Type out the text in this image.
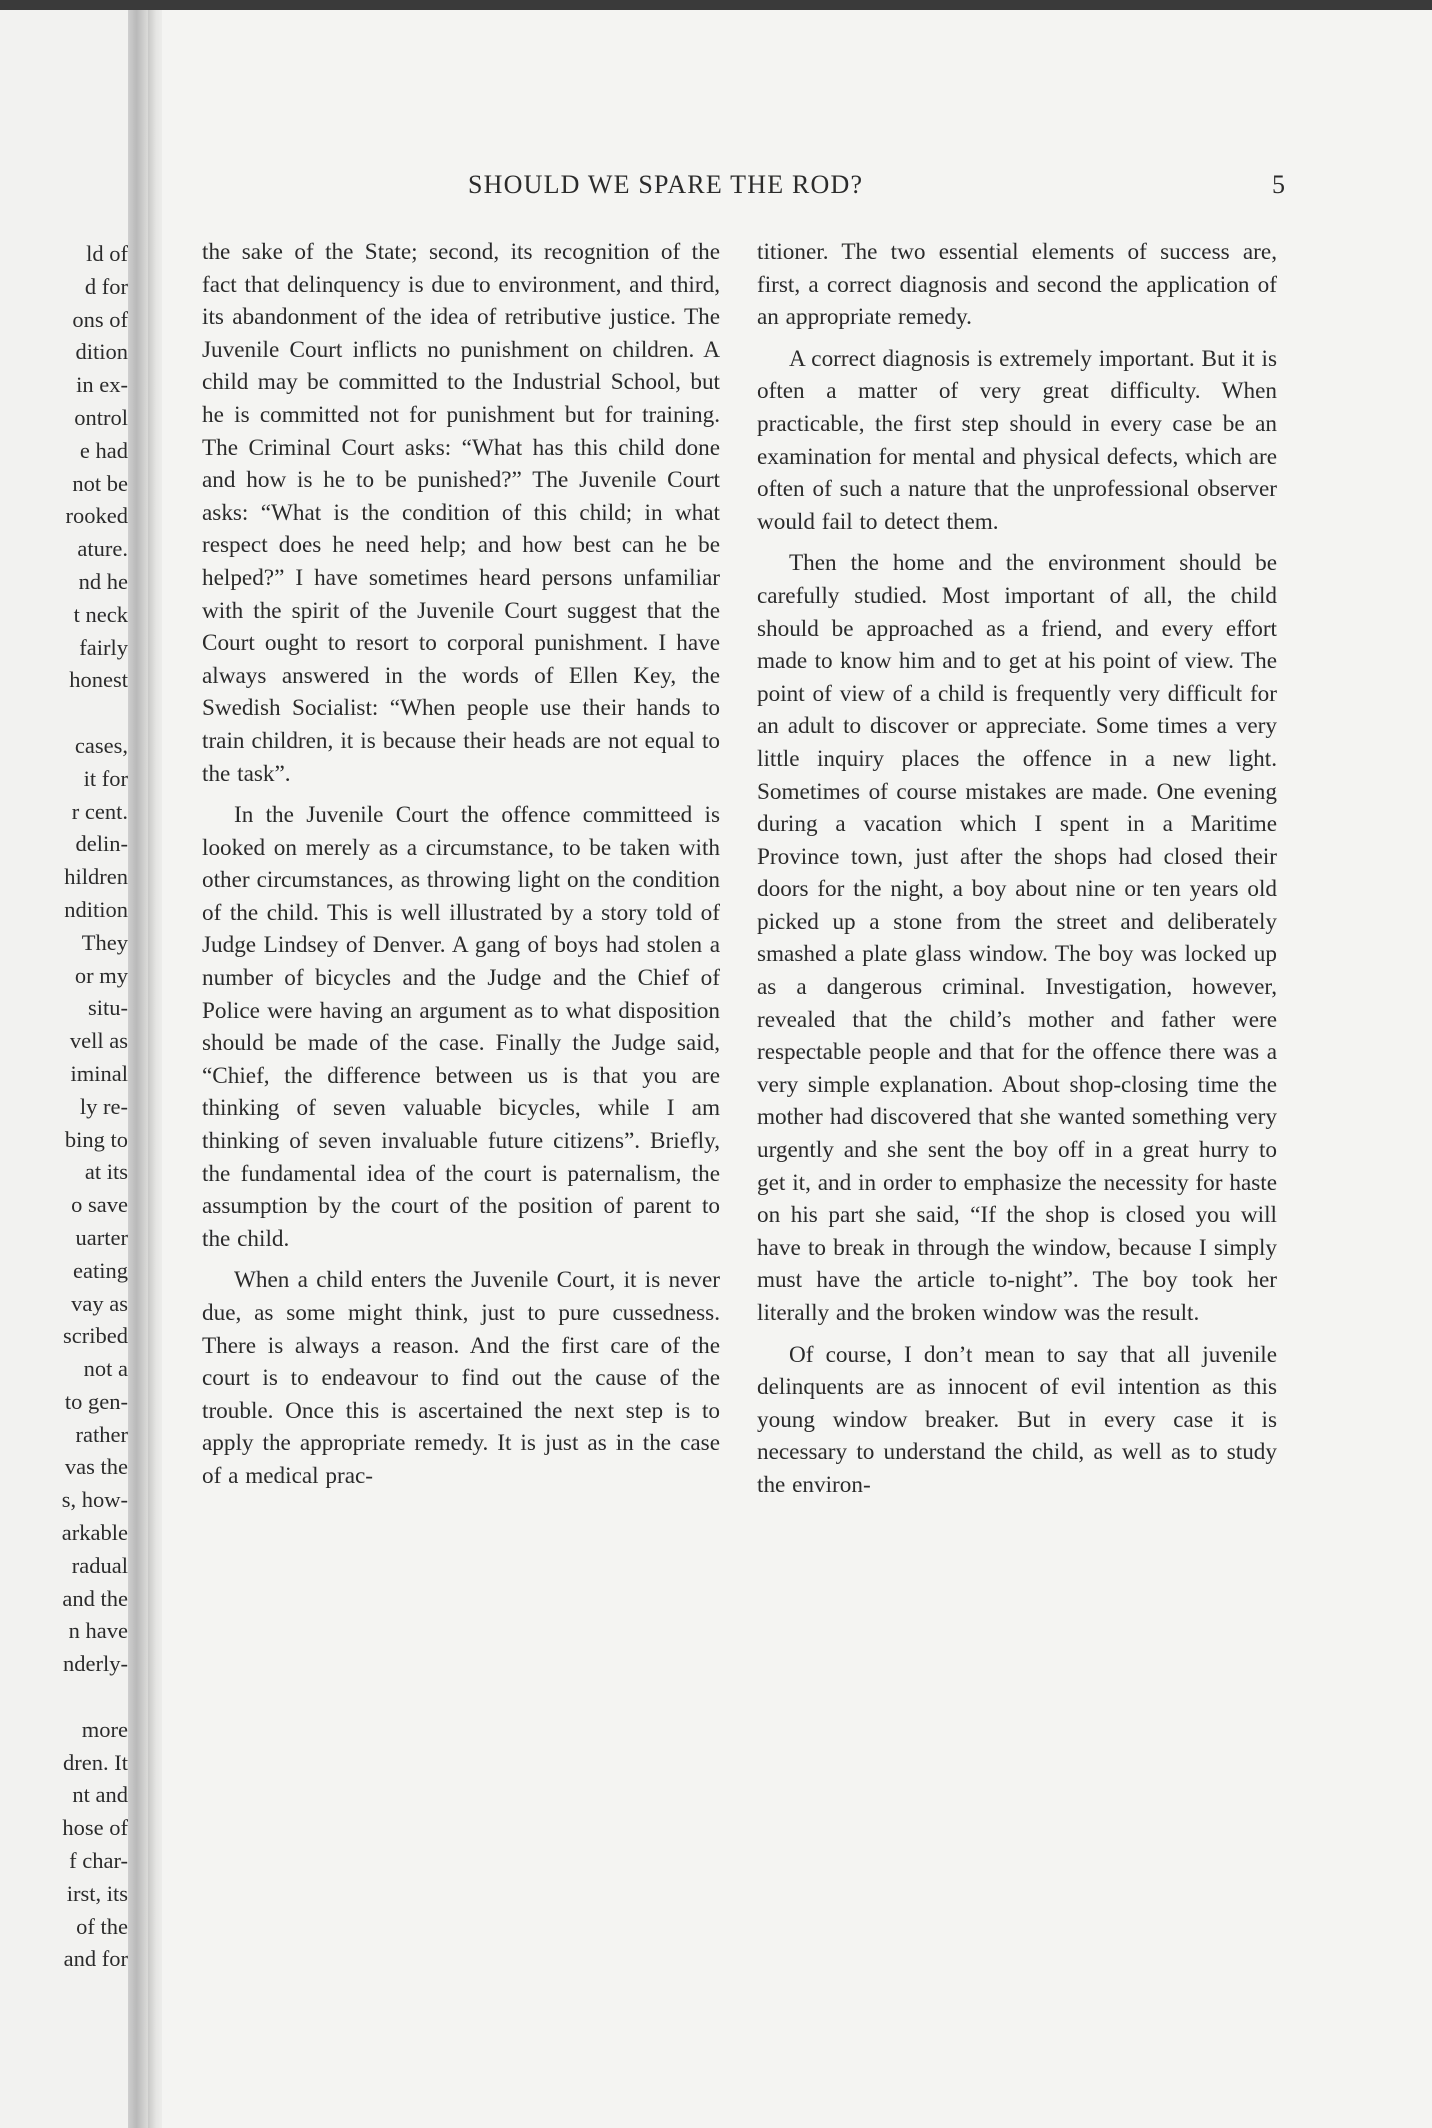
ld of
d for
ons of
dition
in ex-
ontrol
e had
not be
rooked
ature.
nd he
t neck
fairly
honest
cases,
it for
r cent.
delin-
hildren
ndition
They
or my
situ-
vell as
iminal
ly re-
bing to
at its
o save
uarter
eating
vay as
scribed
not a
to gen-
rather
vas the
s, how-
arkable
radual
and the
n have
nderly-
more
dren. It
nt and
hose of
f char-
irst, its
of the
and for
SHOULD WE SPARE THE ROD?	5

the sake of the State; second, its recognition of the fact that delinquency is due to environment, and third, its abandonment of the idea of retributive justice. The Juvenile Court inflicts no punishment on children. A child may be committed to the Industrial School, but he is committed not for punishment but for training. The Criminal Court asks: “What has this child done and how is he to be punished?” The Juvenile Court asks: “What is the condition of this child; in what respect does he need help; and how best can he be helped?” I have sometimes heard persons unfamiliar with the spirit of the Juvenile Court suggest that the Court ought to resort to corporal punishment. I have always answered in the words of Ellen Key, the Swedish Socialist: “When people use their hands to train children, it is because their heads are not equal to the task”.

In the Juvenile Court the offence committeed is looked on merely as a circumstance, to be taken with other circumstances, as throwing light on the condition of the child. This is well illustrated by a story told of Judge Lindsey of Denver. A gang of boys had stolen a number of bicycles and the Judge and the Chief of Police were having an argument as to what disposition should be made of the case. Finally the Judge said, “Chief, the difference between us is that you are thinking of seven valuable bicycles, while I am thinking of seven invaluable future citizens”. Briefly, the fundamental idea of the court is paternalism, the assumption by the court of the position of parent to the child.

When a child enters the Juvenile Court, it is never due, as some might think, just to pure cussedness. There is always a reason. And the first care of the court is to endeavour to find out the cause of the trouble. Once this is ascertained the next step is to apply the appropriate remedy. It is just as in the case of a medical prac-

titioner. The two essential elements of success are, first, a correct diagnosis and second the application of an appropriate remedy.

A correct diagnosis is extremely important. But it is often a matter of very great difficulty. When practicable, the first step should in every case be an examination for mental and physical defects, which are often of such a nature that the unprofessional observer would fail to detect them.

Then the home and the environment should be carefully studied. Most important of all, the child should be approached as a friend, and every effort made to know him and to get at his point of view. The point of view of a child is frequently very difficult for an adult to discover or appreciate. Some times a very little inquiry places the offence in a new light. Sometimes of course mistakes are made. One evening during a vacation which I spent in a Maritime Province town, just after the shops had closed their doors for the night, a boy about nine or ten years old picked up a stone from the street and deliberately smashed a plate glass window. The boy was locked up as a dangerous criminal. Investigation, however, revealed that the child’s mother and father were respectable people and that for the offence there was a very simple explanation. About shop-closing time the mother had discovered that she wanted something very urgently and she sent the boy off in a great hurry to get it, and in order to emphasize the necessity for haste on his part she said, “If the shop is closed you will have to break in through the window, because I simply must have the article to-night”. The boy took her literally and the broken window was the result.

Of course, I don’t mean to say that all juvenile delinquents are as innocent of evil intention as this young window breaker. But in every case it is necessary to understand the child, as well as to study the environ-
